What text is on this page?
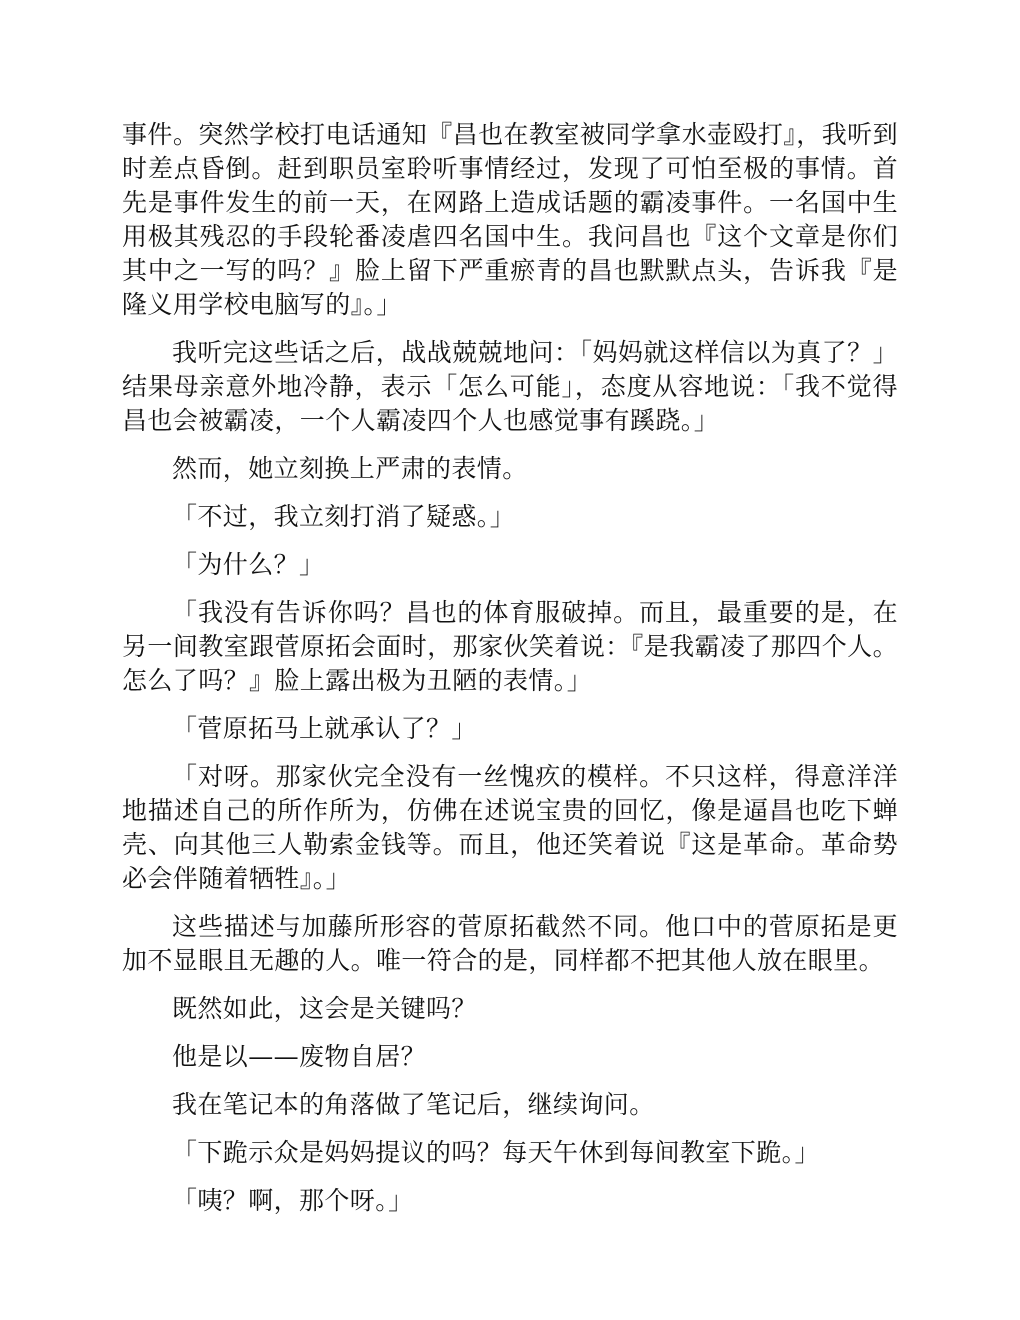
事件。突然学校打电话通知『昌也在教室被同学拿水壶殴打』，我听到时差点昏倒。赶到职员室聆听事情经过，发现了可怕至极的事情。首先是事件发生的前一天，在网路上造成话题的霸凌事件。一名国中生用极其残忍的手段轮番凌虐四名国中生。我问昌也『这个文章是你们其中之一写的吗？』脸上留下严重瘀青的昌也默默点头，告诉我『是隆义用学校电脑写的』。」

我听完这些话之后，战战兢兢地问：「妈妈就这样信以为真了？」结果母亲意外地冷静，表示「怎么可能」，态度从容地说：「我不觉得昌也会被霸凌，一个人霸凌四个人也感觉事有蹊跷。」

然而，她立刻换上严肃的表情。

「不过，我立刻打消了疑惑。」

「为什么？」

「我没有告诉你吗？昌也的体育服破掉。而且，最重要的是，在另一间教室跟菅原拓会面时，那家伙笑着说：『是我霸凌了那四个人。怎么了吗？』脸上露出极为丑陋的表情。」

「菅原拓马上就承认了？」

「对呀。那家伙完全没有一丝愧疚的模样。不只这样，得意洋洋地描述自己的所作所为，仿佛在述说宝贵的回忆，像是逼昌也吃下蝉壳、向其他三人勒索金钱等。而且，他还笑着说『这是革命。革命势必会伴随着牺牲』。」

这些描述与加藤所形容的菅原拓截然不同。他口中的菅原拓是更加不显眼且无趣的人。唯一符合的是，同样都不把其他人放在眼里。

既然如此，这会是关键吗？

他是以——废物自居？

我在笔记本的角落做了笔记后，继续询问。

「下跪示众是妈妈提议的吗？每天午休到每间教室下跪。」

「咦？啊，那个呀。」
